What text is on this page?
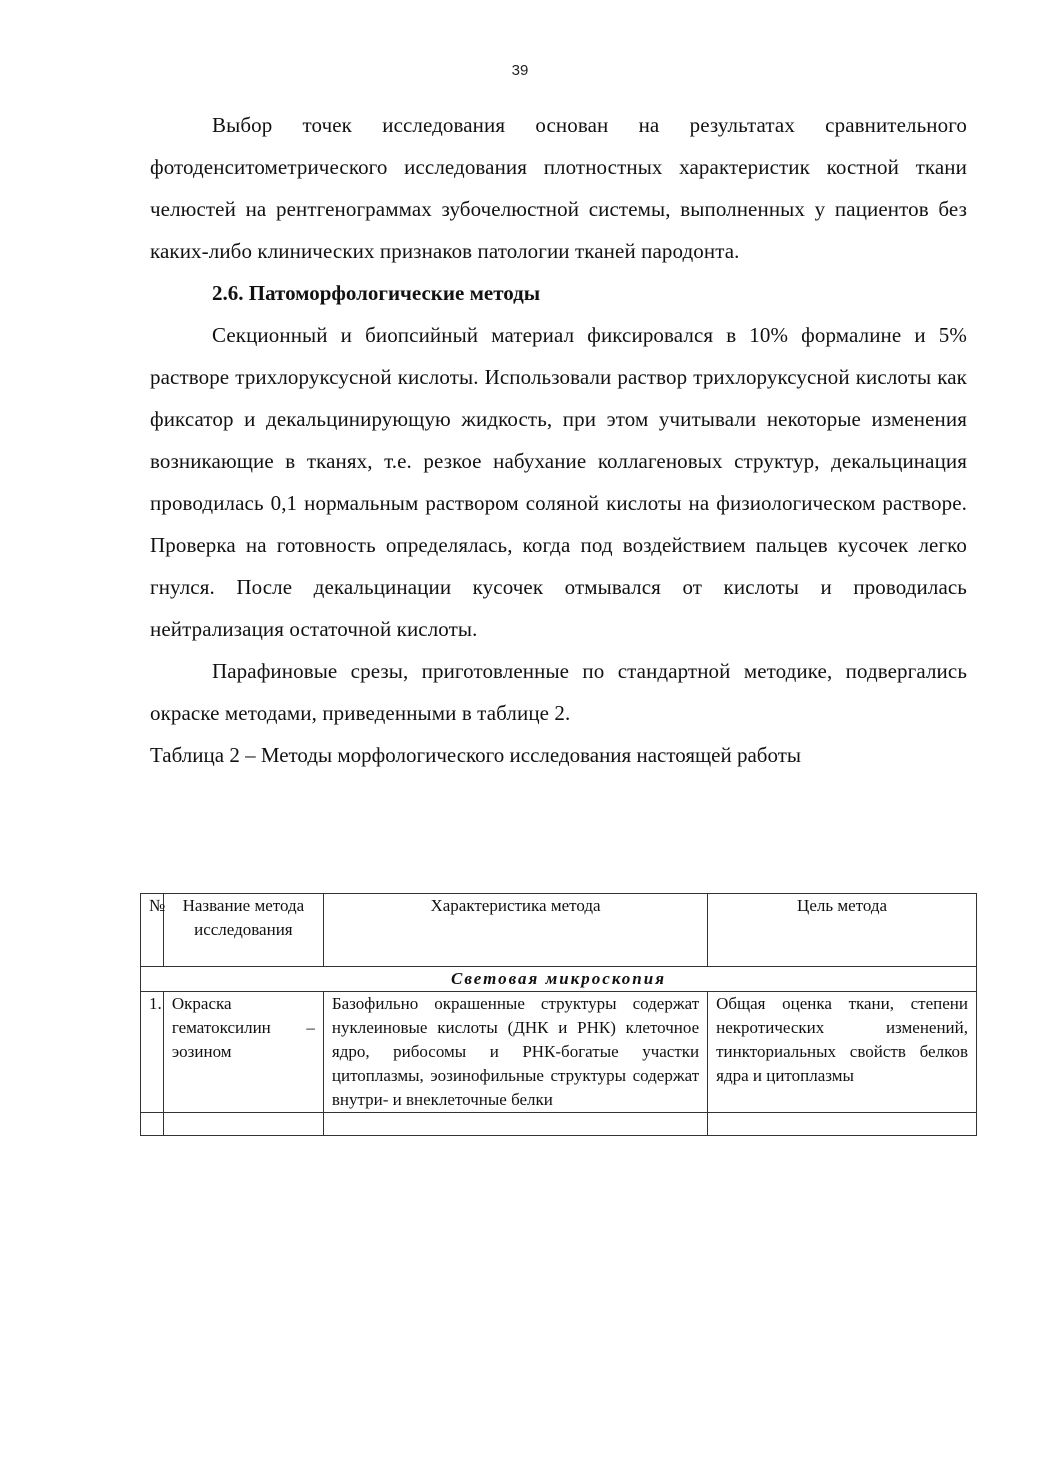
39

Выбор точек исследования основан на результатах сравнительного фотоденситометрического исследования плотностных характеристик костной ткани челюстей на рентгенограммах зубочелюстной системы, выполненных у пациентов без каких-либо клинических признаков патологии тканей пародонта.

2.6. Патоморфологические методы

Секционный и биопсийный материал фиксировался в 10% формалине и 5% растворе трихлоруксусной кислоты. Использовали раствор трихлоруксусной кислоты как фиксатор и декальцинирующую жидкость, при этом учитывали некоторые изменения возникающие в тканях, т.е. резкое набухание коллагеновых структур, декальцинация проводилась 0,1 нормальным раствором соляной кислоты на физиологическом растворе. Проверка на готовность определялась, когда под воздействием пальцев кусочек легко гнулся. После декальцинации кусочек отмывался от кислоты и проводилась нейтрализация остаточной кислоты.

Парафиновые срезы, приготовленные по стандартной методике, подвергались окраске методами, приведенными в таблице 2.

Таблица 2 – Методы морфологического исследования настоящей работы

№	Название метода исследования	Характеристика метода	Цель метода
Световая микроскопия			
1.	Окраска гематоксилин – эозином	Базофильно окрашенные структуры содержат нуклеиновые кислоты (ДНК и РНК) клеточное ядро, рибосомы и РНК-богатые участки цитоплазмы, эозинофильные структуры содержат внутри- и внеклеточные белки	Общая оценка ткани, степени некротических изменений, тинкториальных свойств белков ядра и цитоплазмы
